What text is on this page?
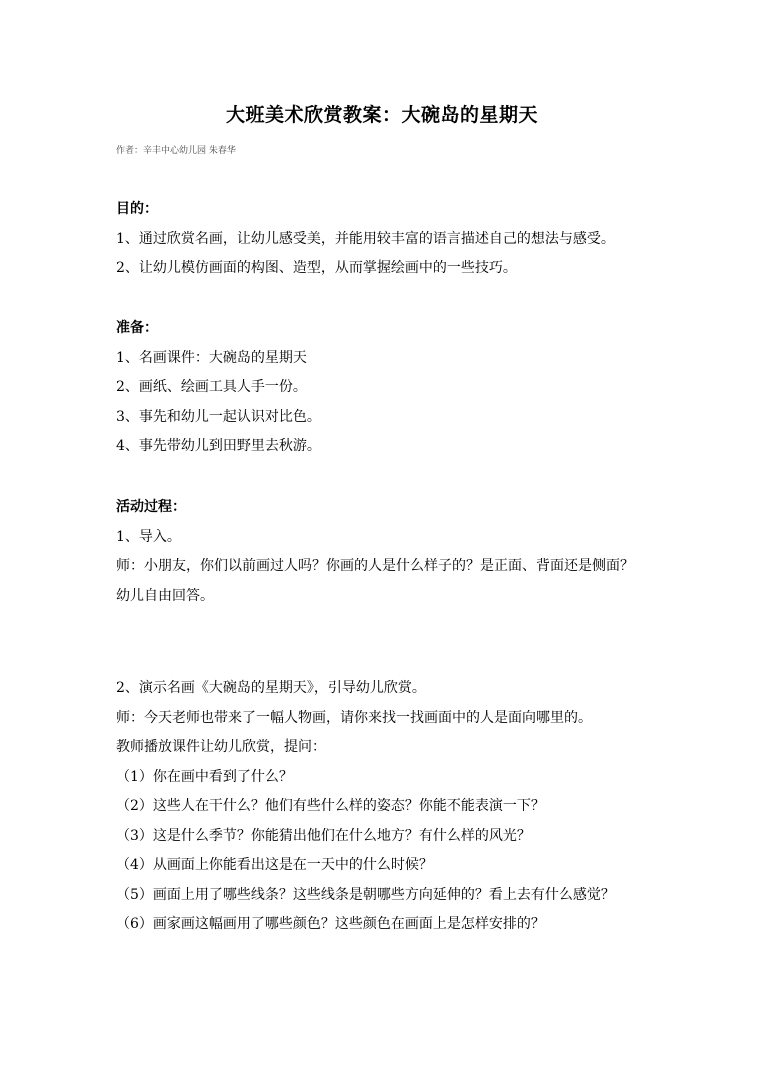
大班美术欣赏教案：大碗岛的星期天
作者：辛丰中心幼儿园 朱春华

目的：

1、通过欣赏名画，让幼儿感受美，并能用较丰富的语言描述自己的想法与感受。

2、让幼儿模仿画面的构图、造型，从而掌握绘画中的一些技巧。

准备：

1、名画课件：大碗岛的星期天

2、画纸、绘画工具人手一份。

3、事先和幼儿一起认识对比色。

4、事先带幼儿到田野里去秋游。

活动过程：

1、导入。

师：小朋友，你们以前画过人吗？你画的人是什么样子的？是正面、背面还是侧面？

幼儿自由回答。

2、演示名画《大碗岛的星期天》，引导幼儿欣赏。

师：今天老师也带来了一幅人物画，请你来找一找画面中的人是面向哪里的。

教师播放课件让幼儿欣赏，提问：

（1）你在画中看到了什么？

（2）这些人在干什么？他们有些什么样的姿态？你能不能表演一下？

（3）这是什么季节？你能猜出他们在什么地方？有什么样的风光？

（4）从画面上你能看出这是在一天中的什么时候？

（5）画面上用了哪些线条？这些线条是朝哪些方向延伸的？看上去有什么感觉？

（6）画家画这幅画用了哪些颜色？这些颜色在画面上是怎样安排的？
